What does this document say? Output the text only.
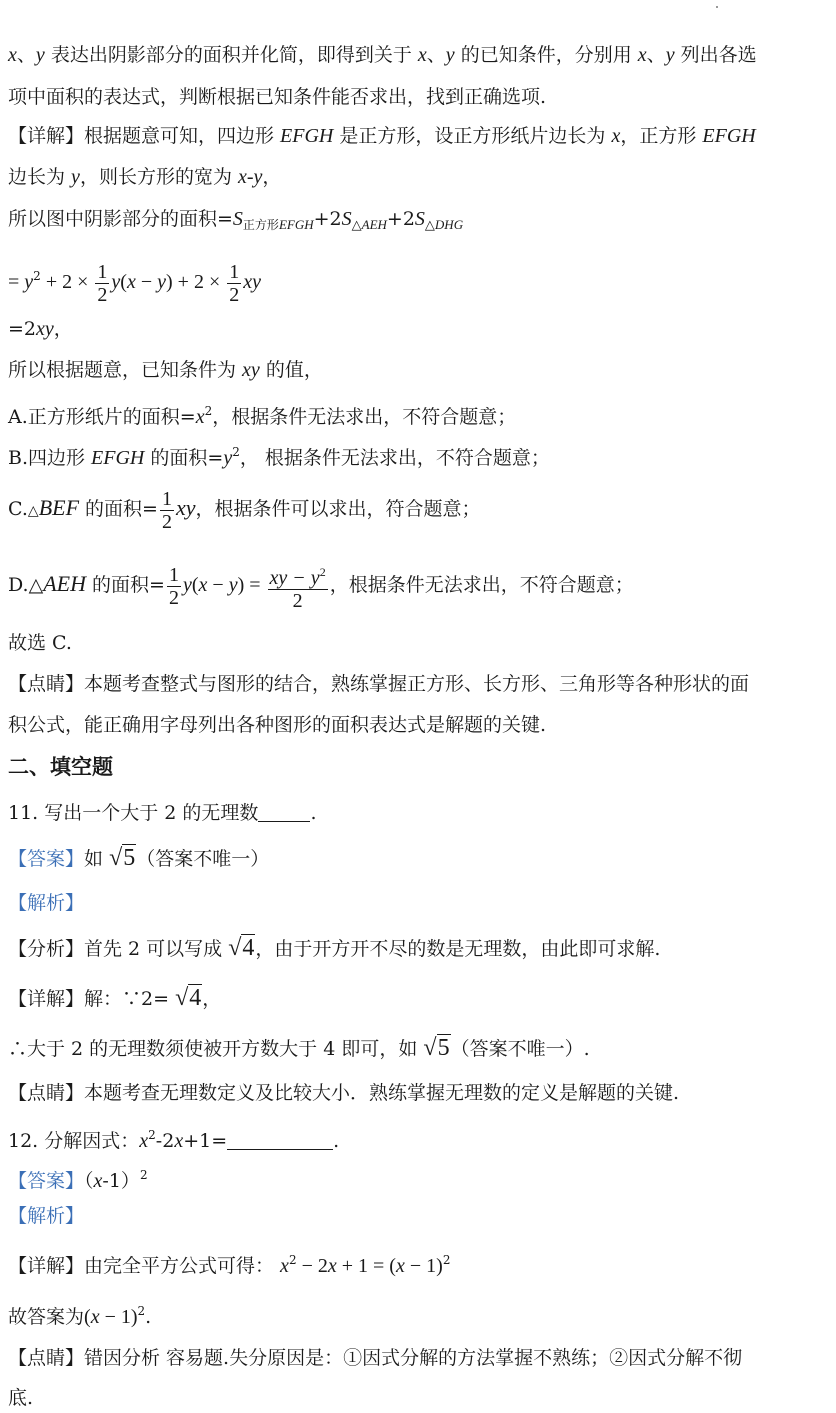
x、y 表达出阴影部分的面积并化简，即得到关于 x、y 的已知条件，分别用 x、y 列出各选
项中面积的表达式，判断根据已知条件能否求出，找到正确选项.
【详解】根据题意可知，四边形 EFGH 是正方形，设正方形纸片边长为 x，正方形 EFGH
边长为 y，则长方形的宽为 x-y，
所以图中阴影部分的面积$=S_{正方形EFGH}+2S_{\triangle AEH}+2S_{\triangle DHG}$
= $y^2 + 2 \times \frac{1}{2} y(x - y) + 2 \times \frac{1}{2}$ xy
=2xy，
所以根据题意，已知条件为 xy 的值，
A.正方形纸片的面积$=x^2$，根据条件无法求出，不符合题意；
B.四边形 EFGH 的面积$=y^2$， 根据条件无法求出，不符合题意；
C.△BEF 的面积= $\frac{1}{2}$ xy，根据条件可以求出，符合题意；
D.△AEH 的面积= $\frac{1}{2} y(x - y) = \frac{xy - y^2}{2}$ ，根据条件无法求出，不符合题意；
故选 C.
【点睛】本题考查整式与图形的结合，熟练掌握正方形、长方形、三角形等各种形状的面
积公式，能正确用字母列出各种图形的面积表达式是解题的关键.
二、填空题
11. 写出一个大于 2 的无理数	.
【答案】如 √5（答案不唯一）
【解析】
【分析】首先 2 可以写成 √4，由于开方开不尽的数是无理数，由此即可求解.
【详解】解：∵2= √4，
∴大于 2 的无理数须使被开方数大于 4 即可，如 √5（答案不唯一）.
【点睛】本题考查无理数定义及比较大小．熟练掌握无理数的定义是解题的关键.
12. 分解因式：$x^2-2x+1=$	.
【答案】$(x-1)^2$
【解析】
【详解】由完全平方公式可得： $x^2 - 2x + 1 = (x - 1)^2$
故答案为$(x - 1)^2$.
【点睛】错因分析 容易题.失分原因是：①因式分解的方法掌握不熟练；②因式分解不彻
底.
